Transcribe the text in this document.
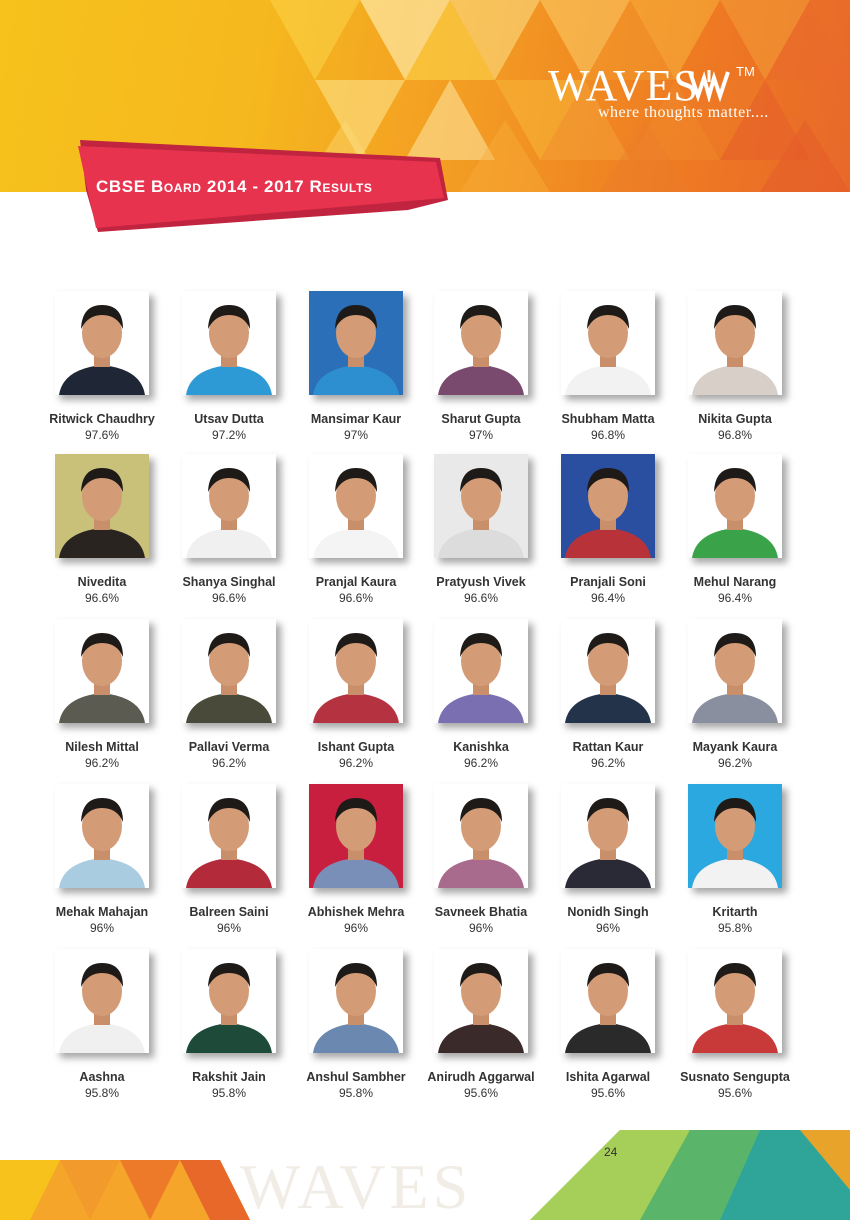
WAVES	TM
where thoughts matter....
CBSE Board 2014 - 2017 Results
Ritwick Chaudhry
97.6%
Utsav Dutta
97.2%
Mansimar Kaur
97%
Sharut Gupta
97%
Shubham Matta
96.8%
Nikita Gupta
96.8%
Nivedita
96.6%
Shanya Singhal
96.6%
Pranjal Kaura
96.6%
Pratyush Vivek
96.6%
Pranjali Soni
96.4%
Mehul Narang
96.4%
Nilesh Mittal
96.2%
Pallavi Verma
96.2%
Ishant Gupta
96.2%
Kanishka
96.2%
Rattan Kaur
96.2%
Mayank Kaura
96.2%
Mehak Mahajan
96%
Balreen Saini
96%
Abhishek Mehra
96%
Savneek Bhatia
96%
Nonidh Singh
96%
Kritarth
95.8%
Aashna
95.8%
Rakshit Jain
95.8%
Anshul Sambher
95.8%
Anirudh Aggarwal
95.6%
Ishita Agarwal
95.6%
Susnato Sengupta
95.6%
WAVES	24
